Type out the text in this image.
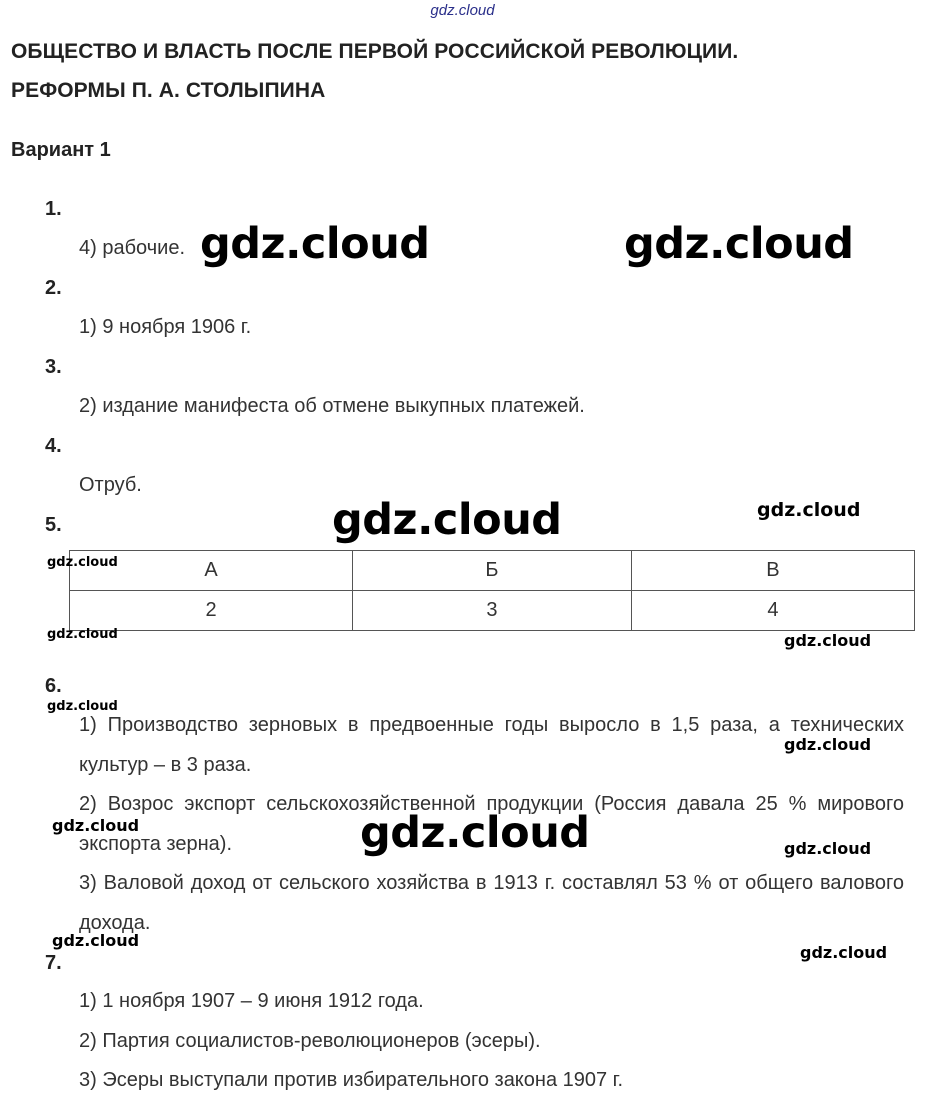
gdz.cloud
ОБЩЕСТВО И ВЛАСТЬ ПОСЛЕ ПЕРВОЙ РОССИЙСКОЙ РЕВОЛЮЦИИ.
РЕФОРМЫ П. А. СТОЛЫПИНА
Вариант 1
1.
4) рабочие.
2.
1) 9 ноября 1906 г.
3.
2) издание манифеста об отмене выкупных платежей.
4.
Отруб.
5.
А	Б	В
2	3	4
6.
1) Производство зерновых в предвоенные годы выросло в 1,5 раза, а технических культур – в 3 раза.
2) Возрос экспорт сельскохозяйственной продукции (Россия давала 25 % мирового экспорта зерна).
3) Валовой доход от сельского хозяйства в 1913 г. составлял 53 % от общего валового дохода.
7.
1) 1 ноября 1907 – 9 июня 1912 года.
2) Партия социалистов-революционеров (эсеры).
3) Эсеры выступали против избирательного закона 1907 г.
gdz.cloud	gdz.cloud
gdz.cloud
gdz.cloud
gdz.cloud
gdz.cloud
gdz.cloud
gdz.cloud
gdz.cloud
gdz.cloud
gdz.cloud
gdz.cloud
gdz.cloud
gdz.cloud
